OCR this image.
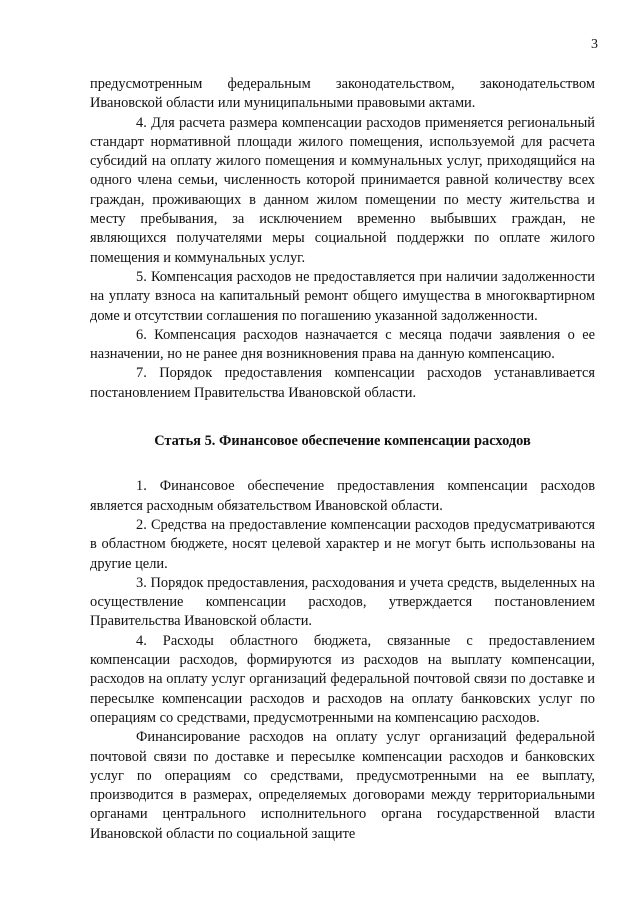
3

предусмотренным федеральным законодательством, законодательством Ивановской области или муниципальными правовыми актами.

4. Для расчета размера компенсации расходов применяется региональный стандарт нормативной площади жилого помещения, используемой для расчета субсидий на оплату жилого помещения и коммунальных услуг, приходящийся на одного члена семьи, численность которой принимается равной количеству всех граждан, проживающих в данном жилом помещении по месту жительства и месту пребывания, за исключением временно выбывших граждан, не являющихся получателями меры социальной поддержки по оплате жилого помещения и коммунальных услуг.

5. Компенсация расходов не предоставляется при наличии задолженности на уплату взноса на капитальный ремонт общего имущества в многоквартирном доме и отсутствии соглашения по погашению указанной задолженности.

6. Компенсация расходов назначается с месяца подачи заявления о ее назначении, но не ранее дня возникновения права на данную компенсацию.

7. Порядок предоставления компенсации расходов устанавливается постановлением Правительства Ивановской области.

Статья 5. Финансовое обеспечение компенсации расходов

1. Финансовое обеспечение предоставления компенсации расходов является расходным обязательством Ивановской области.

2. Средства на предоставление компенсации расходов предусматриваются в областном бюджете, носят целевой характер и не могут быть использованы на другие цели.

3. Порядок предоставления, расходования и учета средств, выделенных на осуществление компенсации расходов, утверждается постановлением Правительства Ивановской области.

4. Расходы областного бюджета, связанные с предоставлением компенсации расходов, формируются из расходов на выплату компенсации, расходов на оплату услуг организаций федеральной почтовой связи по доставке и пересылке компенсации расходов и расходов на оплату банковских услуг по операциям со средствами, предусмотренными на компенсацию расходов.

Финансирование расходов на оплату услуг организаций федеральной почтовой связи по доставке и пересылке компенсации расходов и банковских услуг по операциям со средствами, предусмотренными на ее выплату, производится в размерах, определяемых договорами между территориальными органами центрального исполнительного органа государственной власти Ивановской области по социальной защите
